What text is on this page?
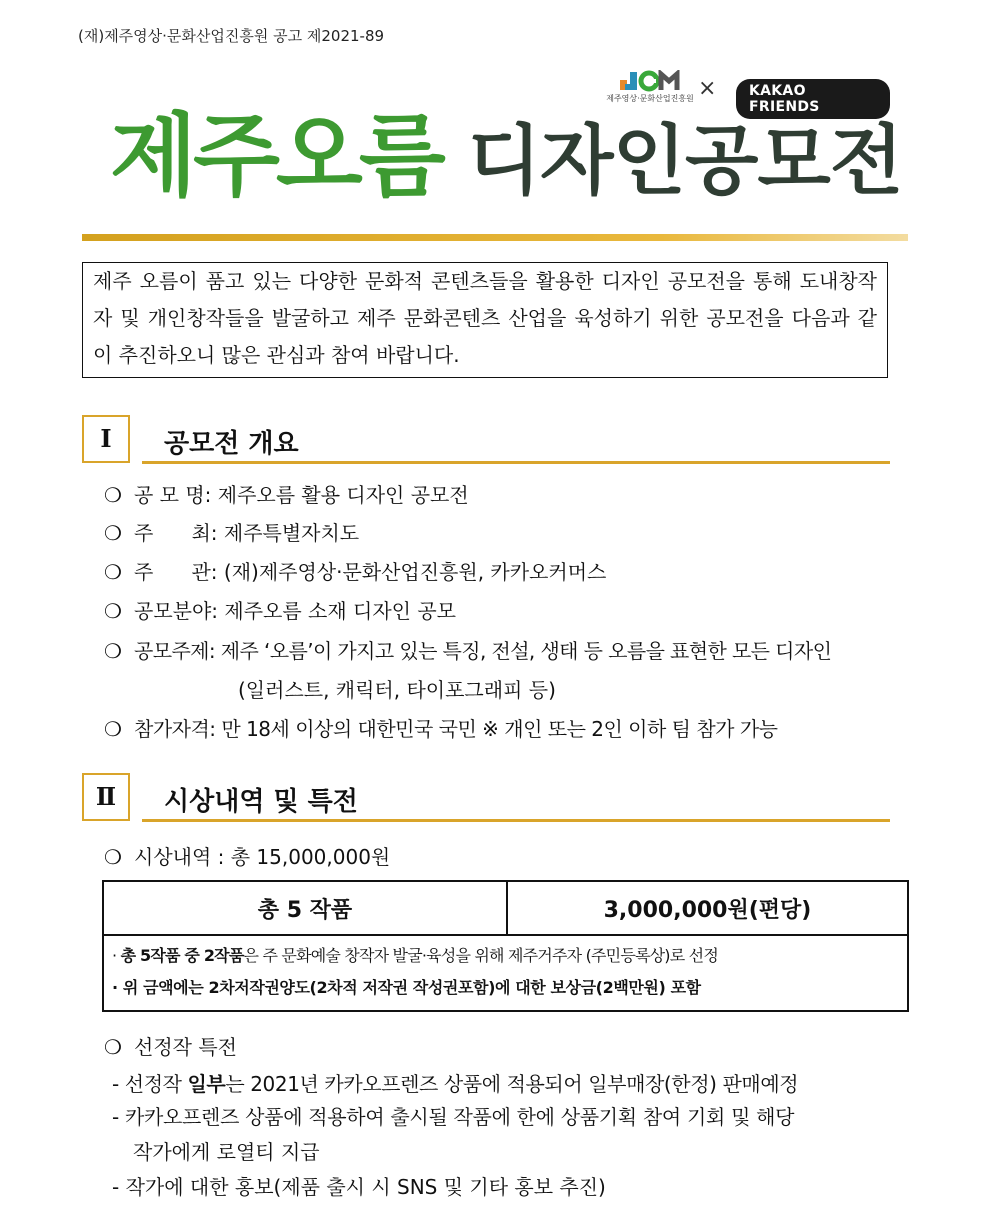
(재)제주영상·문화산업진흥원 공고 제2021-89
제주영상·문화산업진흥원 ×	KAKAO FRIENDS
제주오름 디자인공모전
제주 오름이 품고 있는 다양한 문화적 콘텐츠들을 활용한 디자인 공모전을 통해 도내창작자 및 개인창작들을 발굴하고 제주 문화콘텐츠 산업을 육성하기 위한 공모전을 다음과 같이 추진하오니 많은 관심과 참여 바랍니다.
I	공모전 개요
❍ 공 모 명: 제주오름 활용 디자인 공모전
❍ 주      최: 제주특별자치도
❍ 주      관: (재)제주영상·문화산업진흥원, 카카오커머스
❍ 공모분야: 제주오름 소재 디자인 공모
❍ 공모주제: 제주 ‘오름’이 가지고 있는 특징, 전설, 생태 등 오름을 표현한 모든 디자인
(일러스트, 캐릭터, 타이포그래피 등)
❍ 참가자격: 만 18세 이상의 대한민국 국민 ※ 개인 또는 2인 이하 팀 참가 가능
Ⅱ	시상내역 및 특전
❍ 시상내역 : 총 15,000,000원
총 5 작품	3,000,000원(편당)

· 총 5작품 중 2작품은 주 문화예술 창작자 발굴·육성을 위해 제주거주자 (주민등록상)로 선정
· 위 금액에는 2차저작권양도(2차적 저작권 작성권포함)에 대한 보상금(2백만원) 포함
❍ 선정작 특전
- 선정작 일부는 2021년 카카오프렌즈 상품에 적용되어 일부매장(한정) 판매예정
- 카카오프렌즈 상품에 적용하여 출시될 작품에 한에 상품기획 참여 기회 및 해당
작가에게 로열티 지급
- 작가에 대한 홍보(제품 출시 시 SNS 및 기타 홍보 추진)
